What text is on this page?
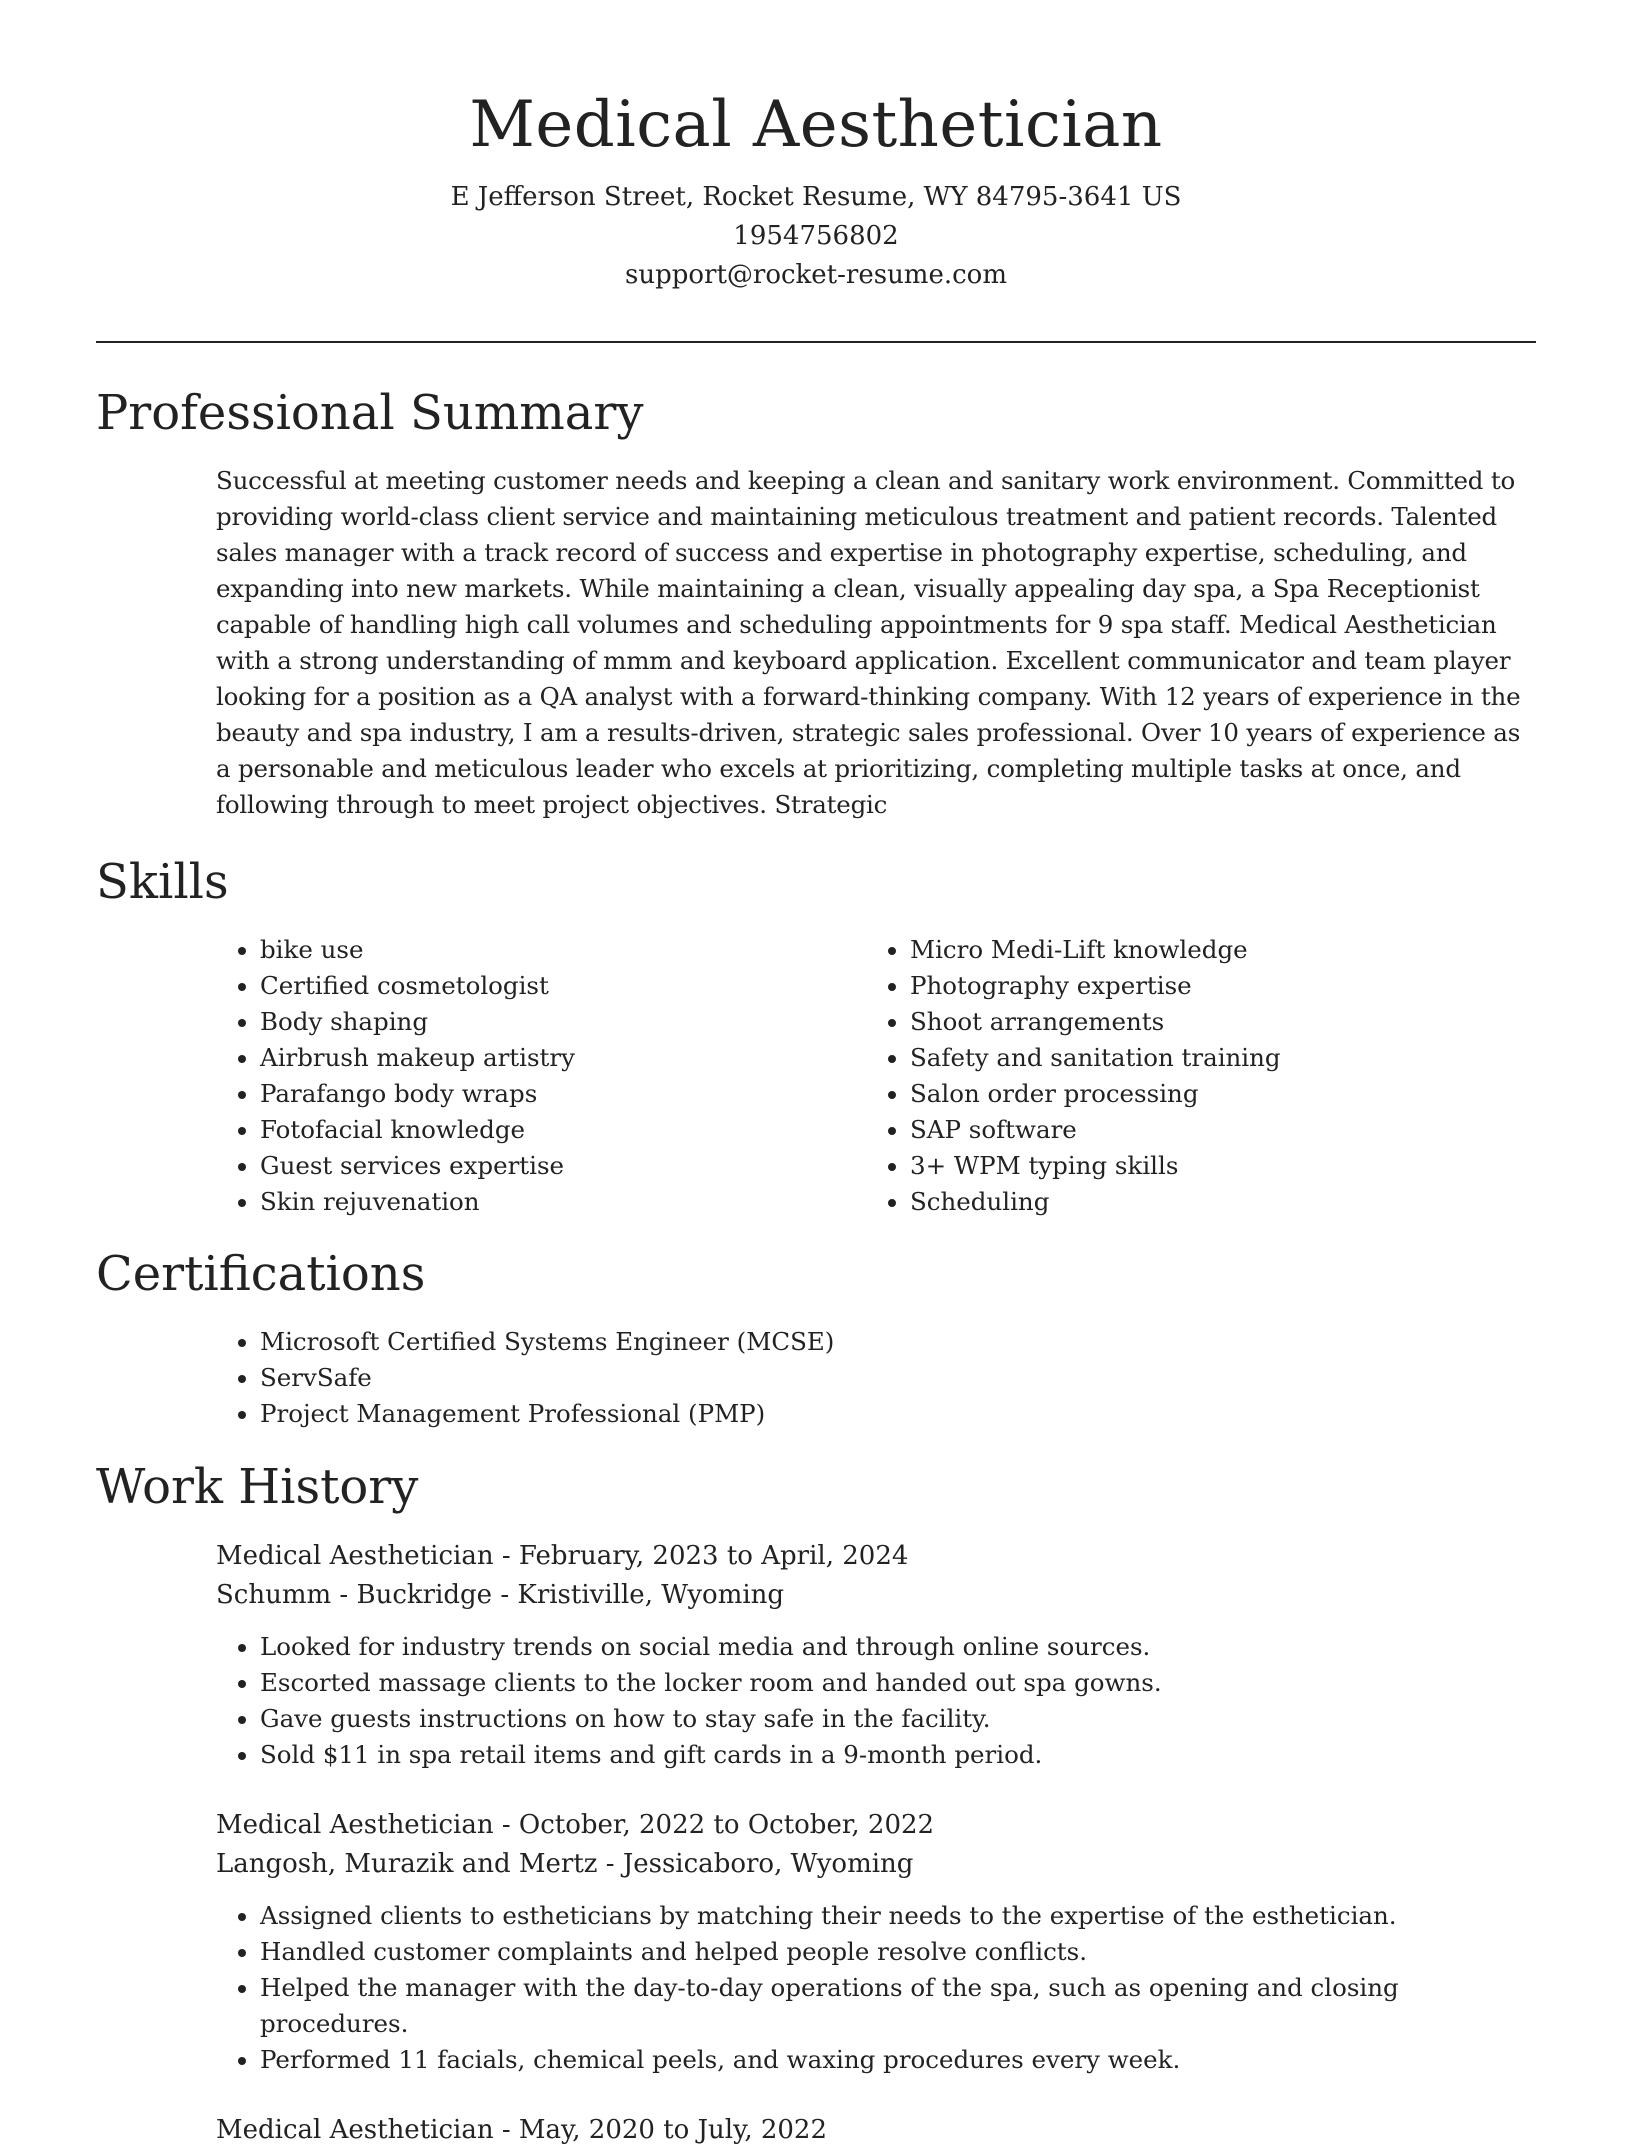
Medical Aesthetician
E Jefferson Street, Rocket Resume, WY 84795-3641 US
1954756802
support@rocket-resume.com
Professional Summary

Successful at meeting customer needs and keeping a clean and sanitary work environment. Committed to providing world-class client service and maintaining meticulous treatment and patient records. Talented sales manager with a track record of success and expertise in photography expertise, scheduling, and expanding into new markets. While maintaining a clean, visually appealing day spa, a Spa Receptionist capable of handling high call volumes and scheduling appointments for 9 spa staff. Medical Aesthetician with a strong understanding of mmm and keyboard application. Excellent communicator and team player looking for a position as a QA analyst with a forward-thinking company. With 12 years of experience in the beauty and spa industry, I am a results-driven, strategic sales professional. Over 10 years of experience as a personable and meticulous leader who excels at prioritizing, completing multiple tasks at once, and following through to meet project objectives. Strategic

Skills
• bike use
• Certified cosmetologist
• Body shaping
• Airbrush makeup artistry
• Parafango body wraps
• Fotofacial knowledge
• Guest services expertise
• Skin rejuvenation
• Micro Medi-Lift knowledge
• Photography expertise
• Shoot arrangements
• Safety and sanitation training
• Salon order processing
• SAP software
• 3+ WPM typing skills
• Scheduling
Certifications
• Microsoft Certified Systems Engineer (MCSE)
• ServSafe
• Project Management Professional (PMP)
Work History
Medical Aesthetician - February, 2023 to April, 2024
Schumm - Buckridge - Kristiville, Wyoming
• Looked for industry trends on social media and through online sources.
• Escorted massage clients to the locker room and handed out spa gowns.
• Gave guests instructions on how to stay safe in the facility.
• Sold $11 in spa retail items and gift cards in a 9-month period.
Medical Aesthetician - October, 2022 to October, 2022
Langosh, Murazik and Mertz - Jessicaboro, Wyoming
• Assigned clients to estheticians by matching their needs to the expertise of the esthetician.
• Handled customer complaints and helped people resolve conflicts.
• Helped the manager with the day-to-day operations of the spa, such as opening and closing procedures.
• Performed 11 facials, chemical peels, and waxing procedures every week.
Medical Aesthetician - May, 2020 to July, 2022
